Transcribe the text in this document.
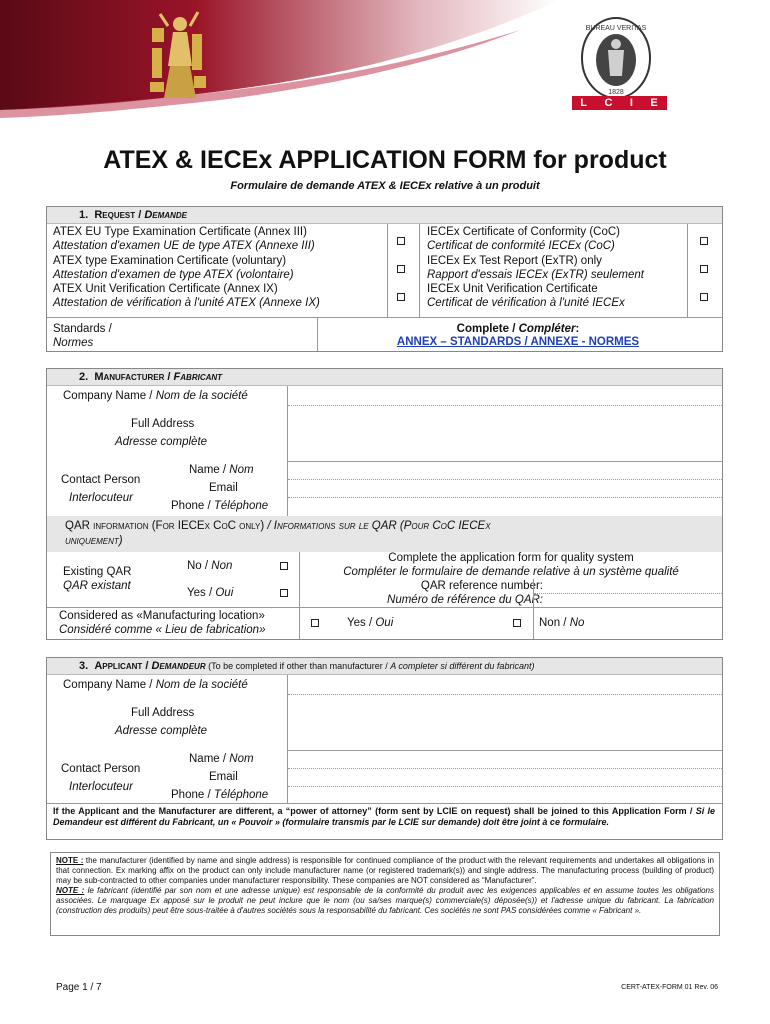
BUREAU VERITAS
1828
L C I E
ATEX & IECEx APPLICATION FORM for product
Formulaire de demande ATEX & IECEx relative à un produit
1. Request / Demande
ATEX EU Type Examination Certificate (Annex III)
Attestation d'examen UE de type ATEX (Annexe III)
ATEX type Examination Certificate (voluntary)
Attestation d'examen de type ATEX (volontaire)
ATEX Unit Verification Certificate (Annex IX)
Attestation de vérification à l'unité ATEX (Annexe IX)
IECEx Certificate of Conformity (CoC)
Certificat de conformité IECEx (CoC)
IECEx Ex Test Report (ExTR) only
Rapport d'essais IECEx (ExTR) seulement
IECEx Unit Verification Certificate
Certificat de vérification à l'unité IECEx
Standards /
Normes
Complete / Compléter:
ANNEX – STANDARDS / ANNEXE - NORMES
2. Manufacturer / Fabricant
Company Name / Nom de la société
Full Address
Adresse complète
Contact Person
Interlocuteur
Name / Nom
Email
Phone / Téléphone
QAR information (For IECEx CoC only) / Informations sur le QAR (Pour CoC IECEx
uniquement)
Existing QAR
QAR existant
No / Non
Yes / Oui
Complete the application form for quality system
Compléter le formulaire de demande relative à un système qualité
QAR reference number:
Numéro de référence du QAR:
Considered as «Manufacturing location»
Considéré comme « Lieu de fabrication»
Yes / Oui	Non / No
3. Applicant / Demandeur (To be completed if other than manufacturer / A completer si différent du fabricant)
Company Name / Nom de la société
Full Address
Adresse complète
Contact Person
Interlocuteur
Name / Nom
Email
Phone / Téléphone
If the Applicant and the Manufacturer are different, a “power of attorney” (form sent by LCIE on request) shall be joined to this Application Form / Si le Demandeur est différent du Fabricant, un « Pouvoir » (formulaire transmis par le LCIE sur demande) doit être joint à ce formulaire.
NOTE : the manufacturer (identified by name and single address) is responsible for continued compliance of the product with the relevant requirements and undertakes all obligations in that connection. Ex marking affix on the product can only include manufacturer name (or registered trademark(s)) and single address. The manufacturing process (building of product) may be sub-contracted to other companies under manufacturer responsibility. These companies are NOT considered as “Manufacturer”.
NOTE : le fabricant (identifié par son nom et une adresse unique) est responsable de la conformité du produit avec les exigences applicables et en assume toutes les obligations associées. Le marquage Ex apposé sur le produit ne peut inclure que le nom (ou sa/ses marque(s) commerciale(s) déposée(s)) et l'adresse unique du fabricant. La fabrication (construction des produits) peut être sous-traitée à d'autres sociétés sous la responsabilité du fabricant. Ces sociétés ne sont PAS considérées comme « Fabricant ».
Page 1 / 7	CERT-ATEX-FORM 01 Rev. 06
